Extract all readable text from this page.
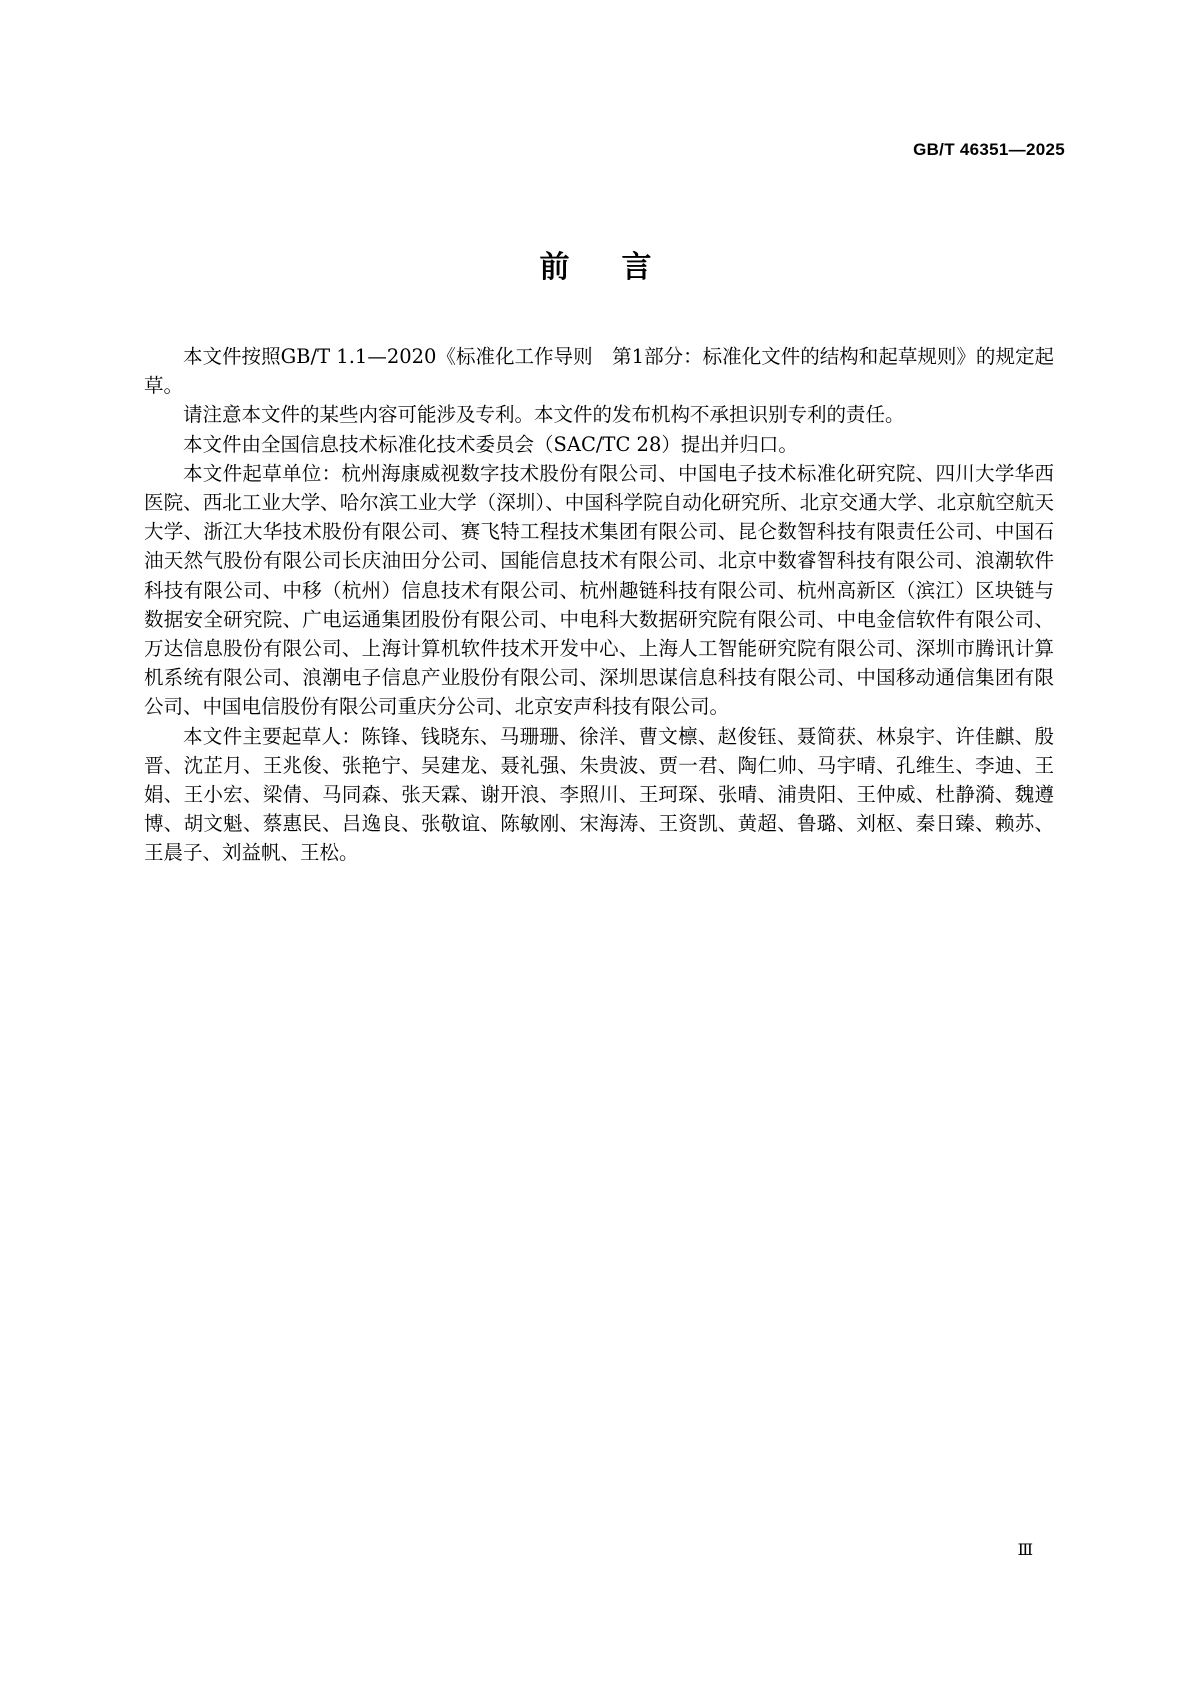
GB/T 46351—2025
前言

本文件按照GB/T 1.1—2020《标准化工作导则　第1部分：标准化文件的结构和起草规则》的规定起草。

请注意本文件的某些内容可能涉及专利。本文件的发布机构不承担识别专利的责任。

本文件由全国信息技术标准化技术委员会（SAC/TC 28）提出并归口。

本文件起草单位：杭州海康威视数字技术股份有限公司、中国电子技术标准化研究院、四川大学华西医院、西北工业大学、哈尔滨工业大学（深圳）、中国科学院自动化研究所、北京交通大学、北京航空航天大学、浙江大华技术股份有限公司、赛飞特工程技术集团有限公司、昆仑数智科技有限责任公司、中国石油天然气股份有限公司长庆油田分公司、国能信息技术有限公司、北京中数睿智科技有限公司、浪潮软件科技有限公司、中移（杭州）信息技术有限公司、杭州趣链科技有限公司、杭州高新区（滨江）区块链与数据安全研究院、广电运通集团股份有限公司、中电科大数据研究院有限公司、中电金信软件有限公司、万达信息股份有限公司、上海计算机软件技术开发中心、上海人工智能研究院有限公司、深圳市腾讯计算机系统有限公司、浪潮电子信息产业股份有限公司、深圳思谋信息科技有限公司、中国移动通信集团有限公司、中国电信股份有限公司重庆分公司、北京安声科技有限公司。

本文件主要起草人：陈锋、钱晓东、马珊珊、徐洋、曹文檩、赵俊钰、聂简获、林泉宇、许佳麒、殷晋、沈芷月、王兆俊、张艳宁、吴建龙、聂礼强、朱贵波、贾一君、陶仁帅、马宇晴、孔维生、李迪、王娟、王小宏、梁倩、马同森、张天霖、谢开浪、李照川、王珂琛、张晴、浦贵阳、王仲威、杜静漪、魏遵博、胡文魁、蔡惠民、吕逸良、张敬谊、陈敏刚、宋海涛、王资凯、黄超、鲁璐、刘枢、秦日臻、赖苏、王晨子、刘益帆、王松。

Ⅲ
